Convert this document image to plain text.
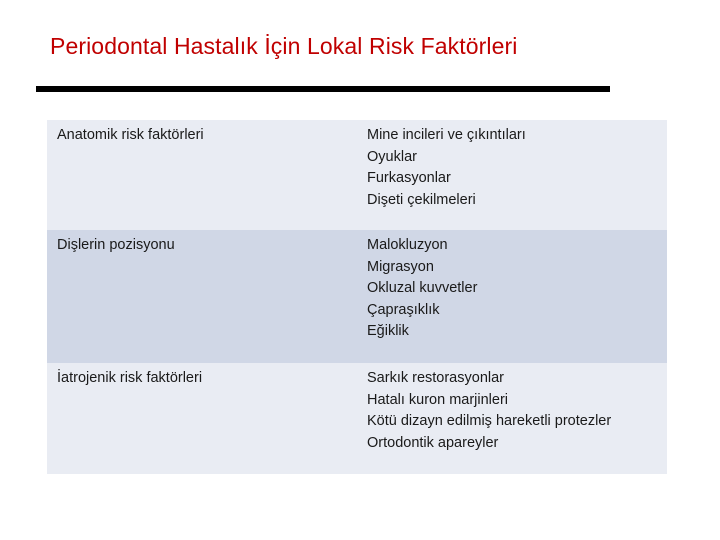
Periodontal Hastalık İçin Lokal Risk Faktörleri
Anatomik risk faktörleri	Mine incileri ve çıkıntıları
Oyuklar
Furkasyonlar
Dişeti çekilmeleri

Dişlerin pozisyonu	Malokluzyon
Migrasyon
Okluzal kuvvetler
Çapraşıklık
Eğiklik

İatrojenik risk faktörleri	Sarkık restorasyonlar
Hatalı kuron marjinleri
Kötü dizayn edilmiş hareketli protezler
Ortodontik apareyler
